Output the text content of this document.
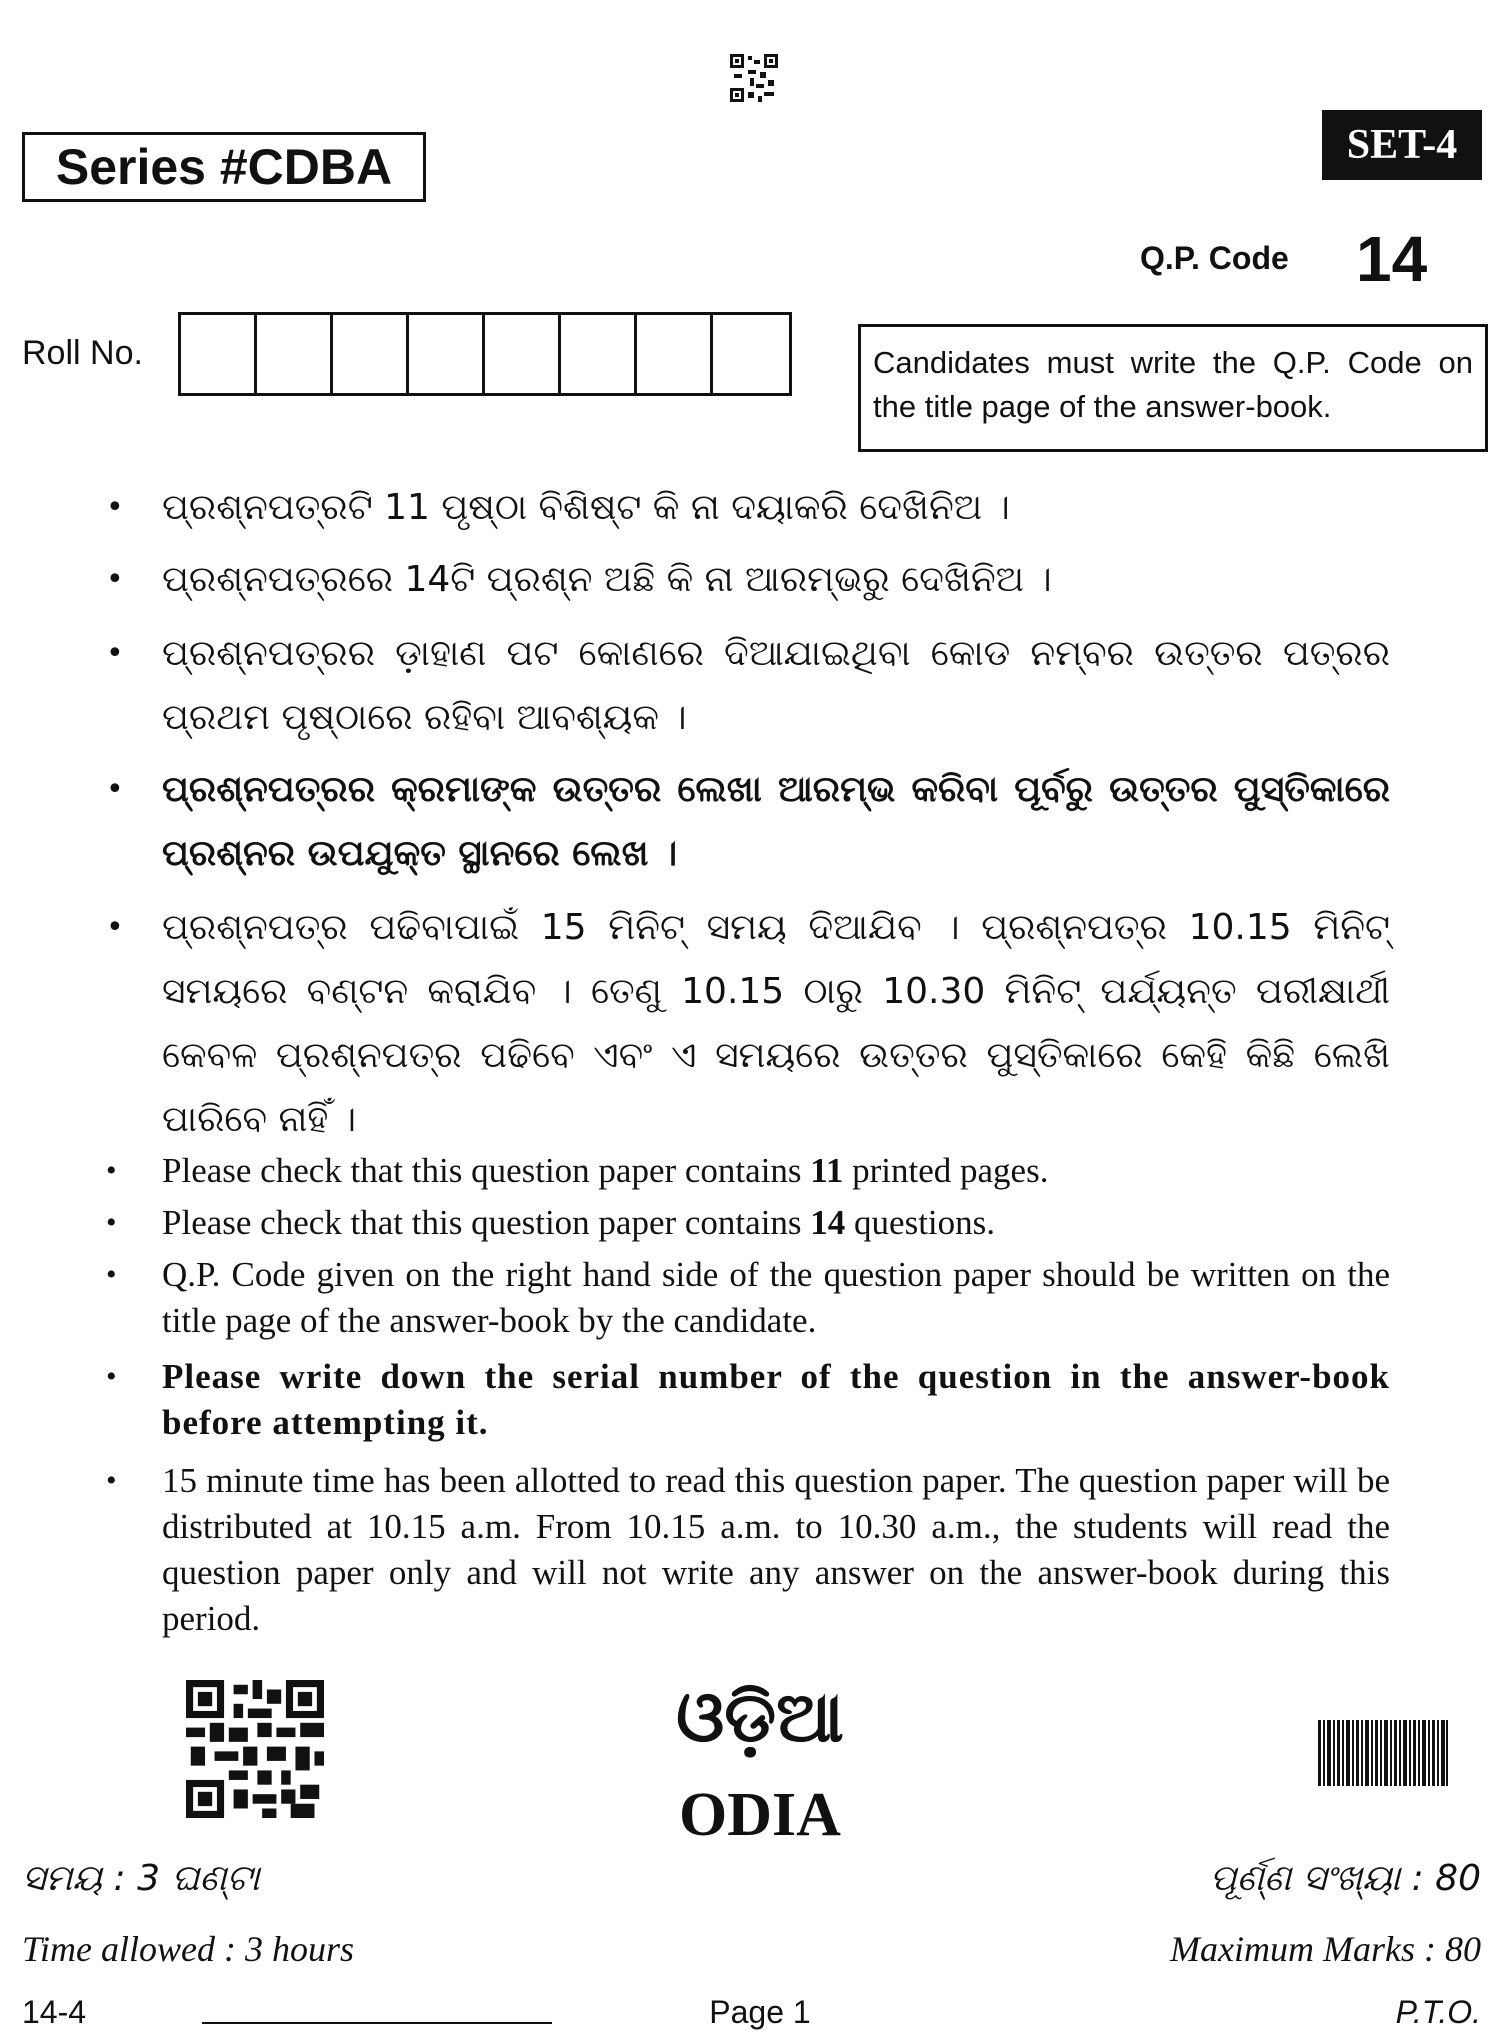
Series #CDBA	SET-4
Q.P. Code 14
Roll No.	Candidates must write the Q.P. Code on the title page of the answer-book.
•	ପ୍ରଶ୍ନପତ୍ରଟି 11 ପୃଷ୍ଠା ବିଶିଷ୍ଟ କି ନା ଦୟାକରି ଦେଖିନିଅ ।
•	ପ୍ରଶ୍ନପତ୍ରରେ 14ଟି ପ୍ରଶ୍ନ ଅଛି କି ନା ଆରମ୍ଭରୁ ଦେଖିନିଅ ।
•	ପ୍ରଶ୍ନପତ୍ରର ଡ଼ାହାଣ ପଟ କୋଣରେ ଦିଆଯାଇଥିବା କୋଡ ନମ୍ବର ଉତ୍ତର ପତ୍ରର ପ୍ରଥମ ପୃଷ୍ଠାରେ ରହିବା ଆବଶ୍ୟକ ।
•	ପ୍ରଶ୍ନପତ୍ରର କ୍ରମାଙ୍କ ଉତ୍ତର ଲେଖା ଆରମ୍ଭ କରିବା ପୂର୍ବରୁ ଉତ୍ତର ପୁସ୍ତିକାରେ ପ୍ରଶ୍ନର ଉପଯୁକ୍ତ ସ୍ଥାନରେ ଲେଖ ।
•	ପ୍ରଶ୍ନପତ୍ର ପଢିବାପାଇଁ 15 ମିନିଟ୍ ସମୟ ଦିଆଯିବ । ପ୍ରଶ୍ନପତ୍ର 10.15 ମିନିଟ୍ ସମୟରେ ବଣ୍ଟନ କରାଯିବ । ତେଣୁ 10.15 ଠାରୁ 10.30 ମିନିଟ୍ ପର୍ଯ୍ୟନ୍ତ ପରୀକ୍ଷାର୍ଥୀ କେବଳ ପ୍ରଶ୍ନପତ୍ର ପଢିବେ ଏବଂ ଏ ସମୟରେ ଉତ୍ତର ପୁସ୍ତିକାରେ କେହି କିଛି ଲେଖି ପାରିବେ ନାହିଁ ।
•	Please check that this question paper contains 11 printed pages.
•	Please check that this question paper contains 14 questions.
•	Q.P. Code given on the right hand side of the question paper should be written on the title page of the answer-book by the candidate.
•	Please write down the serial number of the question in the answer-book before attempting it.
•	15 minute time has been allotted to read this question paper. The question paper will be distributed at 10.15 a.m. From 10.15 a.m. to 10.30 a.m., the students will read the question paper only and will not write any answer on the answer-book during this period.
ଓଡ଼ିଆ
ODIA
ସମୟ : 3 ଘଣ୍ଟା	ପୂର୍ଣ୍ଣ ସଂଖ୍ୟା : 80
Time allowed : 3 hours	Maximum Marks : 80
14-4	Page 1	P.T.O.
